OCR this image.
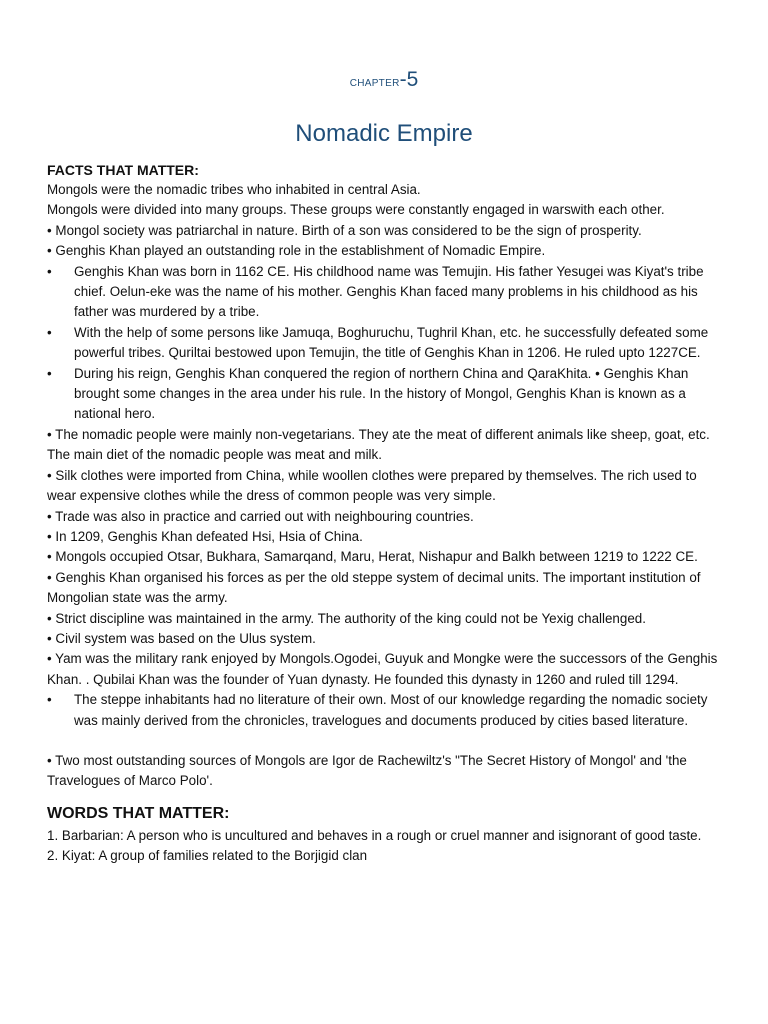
CHAPTER-5
Nomadic Empire
FACTS THAT MATTER:

Mongols were the nomadic tribes who inhabited in central Asia.

Mongols were divided into many groups. These groups were constantly engaged in warswith each other.

• Mongol society was patriarchal in nature. Birth of a son was considered to be the sign of prosperity.

• Genghis Khan played an outstanding role in the establishment of Nomadic Empire.

• Genghis Khan was born in 1162 CE. His childhood name was Temujin. His father Yesugei was Kiyat's tribe chief. Oelun-eke was the name of his mother. Genghis Khan faced many problems in his childhood as his father was murdered by a tribe.
• With the help of some persons like Jamuqa, Boghuruchu, Tughril Khan, etc. he successfully defeated some powerful tribes. Quriltai bestowed upon Temujin, the title of Genghis Khan in 1206. He ruled upto 1227CE.
• During his reign, Genghis Khan conquered the region of northern China and QaraKhita. • Genghis Khan brought some changes in the area under his rule. In the history of Mongol, Genghis Khan is known as a national hero.

• The nomadic people were mainly non-vegetarians. They ate the meat of different animals like sheep, goat, etc. The main diet of the nomadic people was meat and milk.

• Silk clothes were imported from China, while woollen clothes were prepared by themselves. The rich used to wear expensive clothes while the dress of common people was very simple.

• Trade was also in practice and carried out with neighbouring countries.

• In 1209, Genghis Khan defeated Hsi, Hsia of China.

• Mongols occupied Otsar, Bukhara, Samarqand, Maru, Herat, Nishapur and Balkh between 1219 to 1222 CE.

• Genghis Khan organised his forces as per the old steppe system of decimal units. The important institution of Mongolian state was the army.

• Strict discipline was maintained in the army. The authority of the king could not be Yexig challenged.

• Civil system was based on the Ulus system.

• Yam was the military rank enjoyed by Mongols.Ogodei, Guyuk and Mongke were the successors of the Genghis Khan. . Qubilai Khan was the founder of Yuan dynasty. He founded this dynasty in 1260 and ruled till 1294.

• The steppe inhabitants had no literature of their own. Most of our knowledge regarding the nomadic society was mainly derived from the chronicles, travelogues and documents produced by cities based literature.

• Two most outstanding sources of Mongols are Igor de Rachewiltz's "The Secret History of Mongol' and 'the Travelogues of Marco Polo'.

WORDS THAT MATTER:

1. Barbarian: A person who is uncultured and behaves in a rough or cruel manner and isignorant of good taste.

2. Kiyat: A group of families related to the Borjigid clan
